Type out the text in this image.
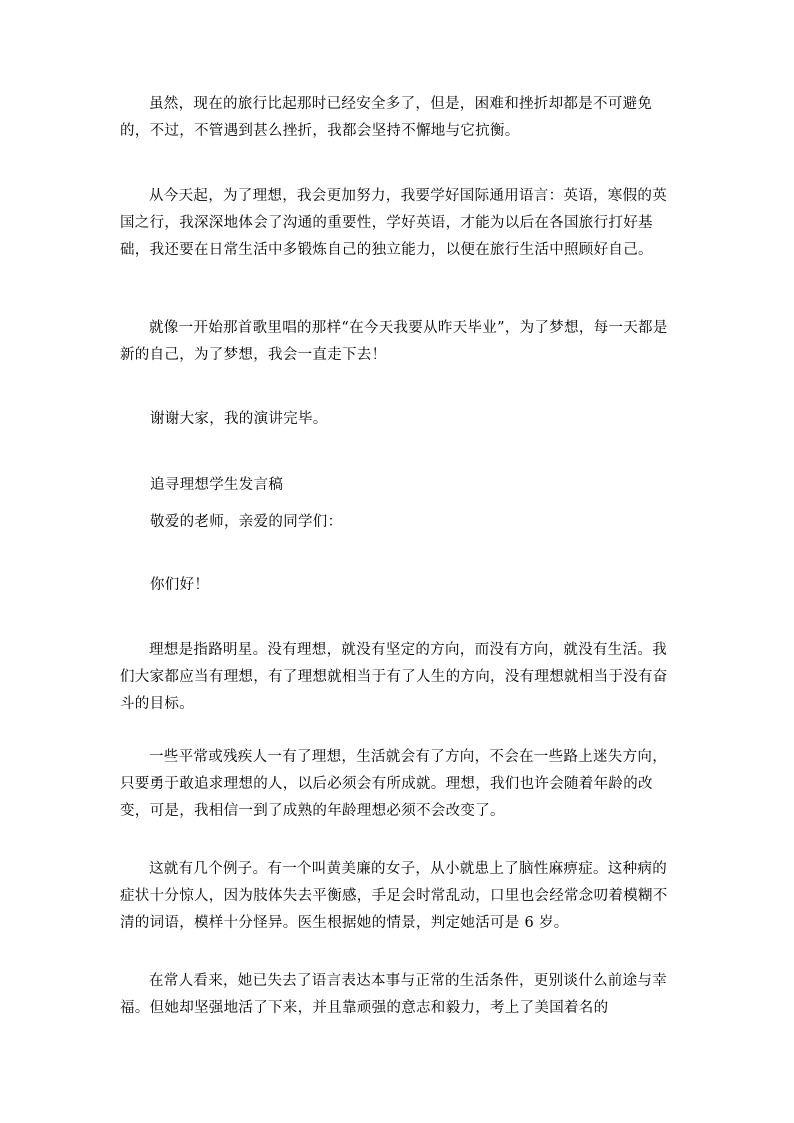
虽然，现在的旅行比起那时已经安全多了，但是，困难和挫折却都是不可避免的，不过，不管遇到甚么挫折，我都会坚持不懈地与它抗衡。

从今天起，为了理想，我会更加努力，我要学好国际通用语言：英语，寒假的英国之行，我深深地体会了沟通的重要性，学好英语，才能为以后在各国旅行打好基础，我还要在日常生活中多锻炼自己的独立能力，以便在旅行生活中照顾好自己。

就像一开始那首歌里唱的那样“在今天我要从昨天毕业”，为了梦想，每一天都是新的自己，为了梦想，我会一直走下去！

谢谢大家，我的演讲完毕。

追寻理想学生发言稿

敬爱的老师，亲爱的同学们：

你们好！

理想是指路明星。没有理想，就没有坚定的方向，而没有方向，就没有生活。我们大家都应当有理想，有了理想就相当于有了人生的方向，没有理想就相当于没有奋斗的目标。

一些平常或残疾人一有了理想，生活就会有了方向，不会在一些路上迷失方向，只要勇于敢追求理想的人，以后必须会有所成就。理想，我们也许会随着年龄的改变，可是，我相信一到了成熟的年龄理想必须不会改变了。

这就有几个例子。有一个叫黄美廉的女子，从小就患上了脑性麻痹症。这种病的症状十分惊人，因为肢体失去平衡感，手足会时常乱动，口里也会经常念叨着模糊不清的词语，模样十分怪异。医生根据她的情景，判定她活可是 6 岁。

在常人看来，她已失去了语言表达本事与正常的生活条件，更别谈什么前途与幸福。但她却坚强地活了下来，并且靠顽强的意志和毅力，考上了美国着名的
